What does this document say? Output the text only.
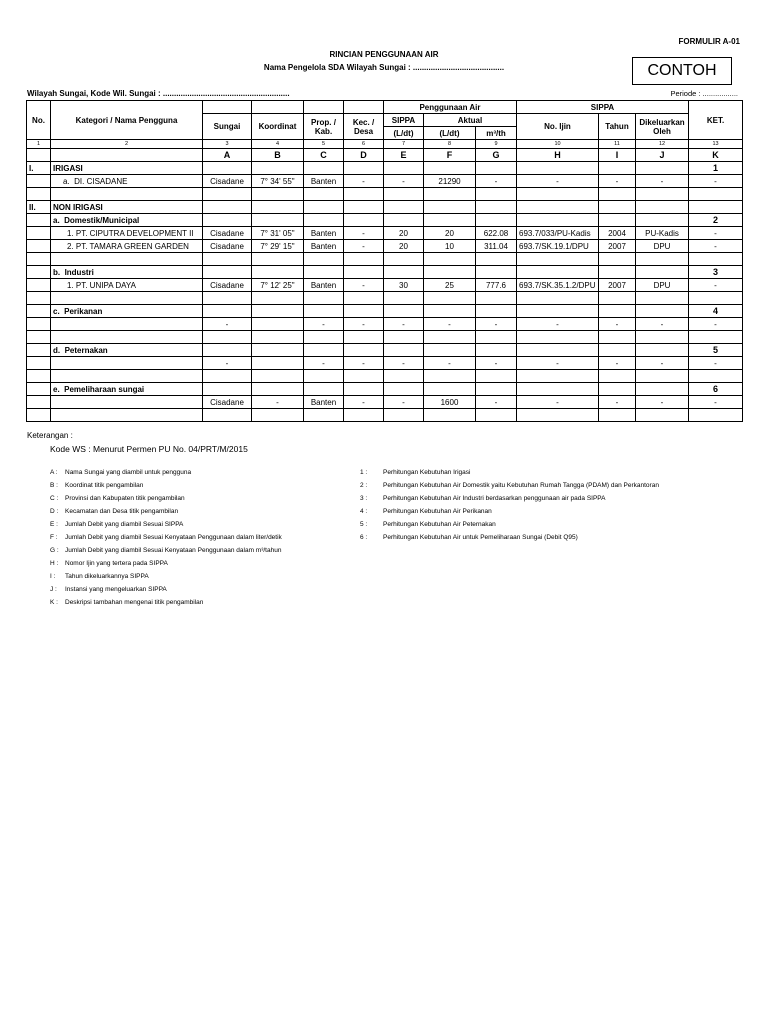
FORMULIR A-01
RINCIAN PENGGUNAAN AIR
Nama Pengelola SDA Wilayah Sungai : .........................................	CONTOH
Wilayah Sungai, Kode Wil. Sungai : .........................................................	Periode : .................
No.	Kategori / Nama Pengguna					Penggunaan Air			SIPPA			KET.
		Sungai	Koordinat	Prop. / Kab.	Kec. / Desa	SIPPA	Aktual		No. Ijin	Tahun	Dikeluarkan Oleh	
						(L/dt)	(L/dt)	m³/th				
1	2	3	4	5	6	7	8	9	10	11	12	13
		A	B	C	D	E	F	G	H	I	J	K
I.	IRIGASI											1
	a. DI. CISADANE	Cisadane	7° 34' 55"	Banten	-	-	21290	-	-	-	-	-

II.	NON IRIGASI											
	a. Domestik/Municipal											2
	1. PT. CIPUTRA DEVELOPMENT II	Cisadane	7° 31' 05"	Banten	-	20	20	622.08	693.7/033/PU-Kadis	2004	PU-Kadis	-
	2. PT. TAMARA GREEN GARDEN	Cisadane	7° 29' 15"	Banten	-	20	10	311.04	693.7/SK.19.1/DPU	2007	DPU	-

	b. Industri											3
	1. PT. UNIPA DAYA	Cisadane	7° 12' 25"	Banten	-	30	25	777.6	693.7/SK.35.1.2/DPU	2007	DPU	-

	c. Perikanan											4
		-		-	-	-	-	-	-	-	-	-

	d. Peternakan											5
		-		-	-	-	-	-	-	-	-	-

	e. Pemeliharaan sungai											6
		Cisadane	-	Banten	-	-	1600	-	-	-	-	-

Keterangan :
Kode WS : Menurut Permen PU No. 04/PRT/M/2015
A :	Nama Sungai yang diambil untuk pengguna	1 :	Perhitungan Kebutuhan Irigasi
B :	Koordinat titik pengambilan	2 :	Perhitungan Kebutuhan Air Domestik yaitu Kebutuhan Rumah Tangga (PDAM) dan Perkantoran
C :	Provinsi dan Kabupaten titik pengambilan	3 :	Perhitungan Kebutuhan Air Industri berdasarkan penggunaan air pada SIPPA
D :	Kecamatan dan Desa titik pengambilan	4 :	Perhitungan Kebutuhan Air Perikanan
E :	Jumlah Debit yang diambil Sesuai SIPPA	5 :	Perhitungan Kebutuhan Air Peternakan
F :	Jumlah Debit yang diambil Sesuai Kenyataan Penggunaan dalam liter/detik	6 :	Perhitungan Kebutuhan Air untuk Pemeliharaan Sungai (Debit Q95)
G : Jumlah Debit yang diambil Sesuai Kenyataan Penggunaan dalam m³/tahun
H :	Nomor Ijin yang tertera pada SIPPA
I :	Tahun dikeluarkannya SIPPA
J :	Instansi yang mengeluarkan SIPPA
K :	Deskripsi tambahan mengenai titik pengambilan
